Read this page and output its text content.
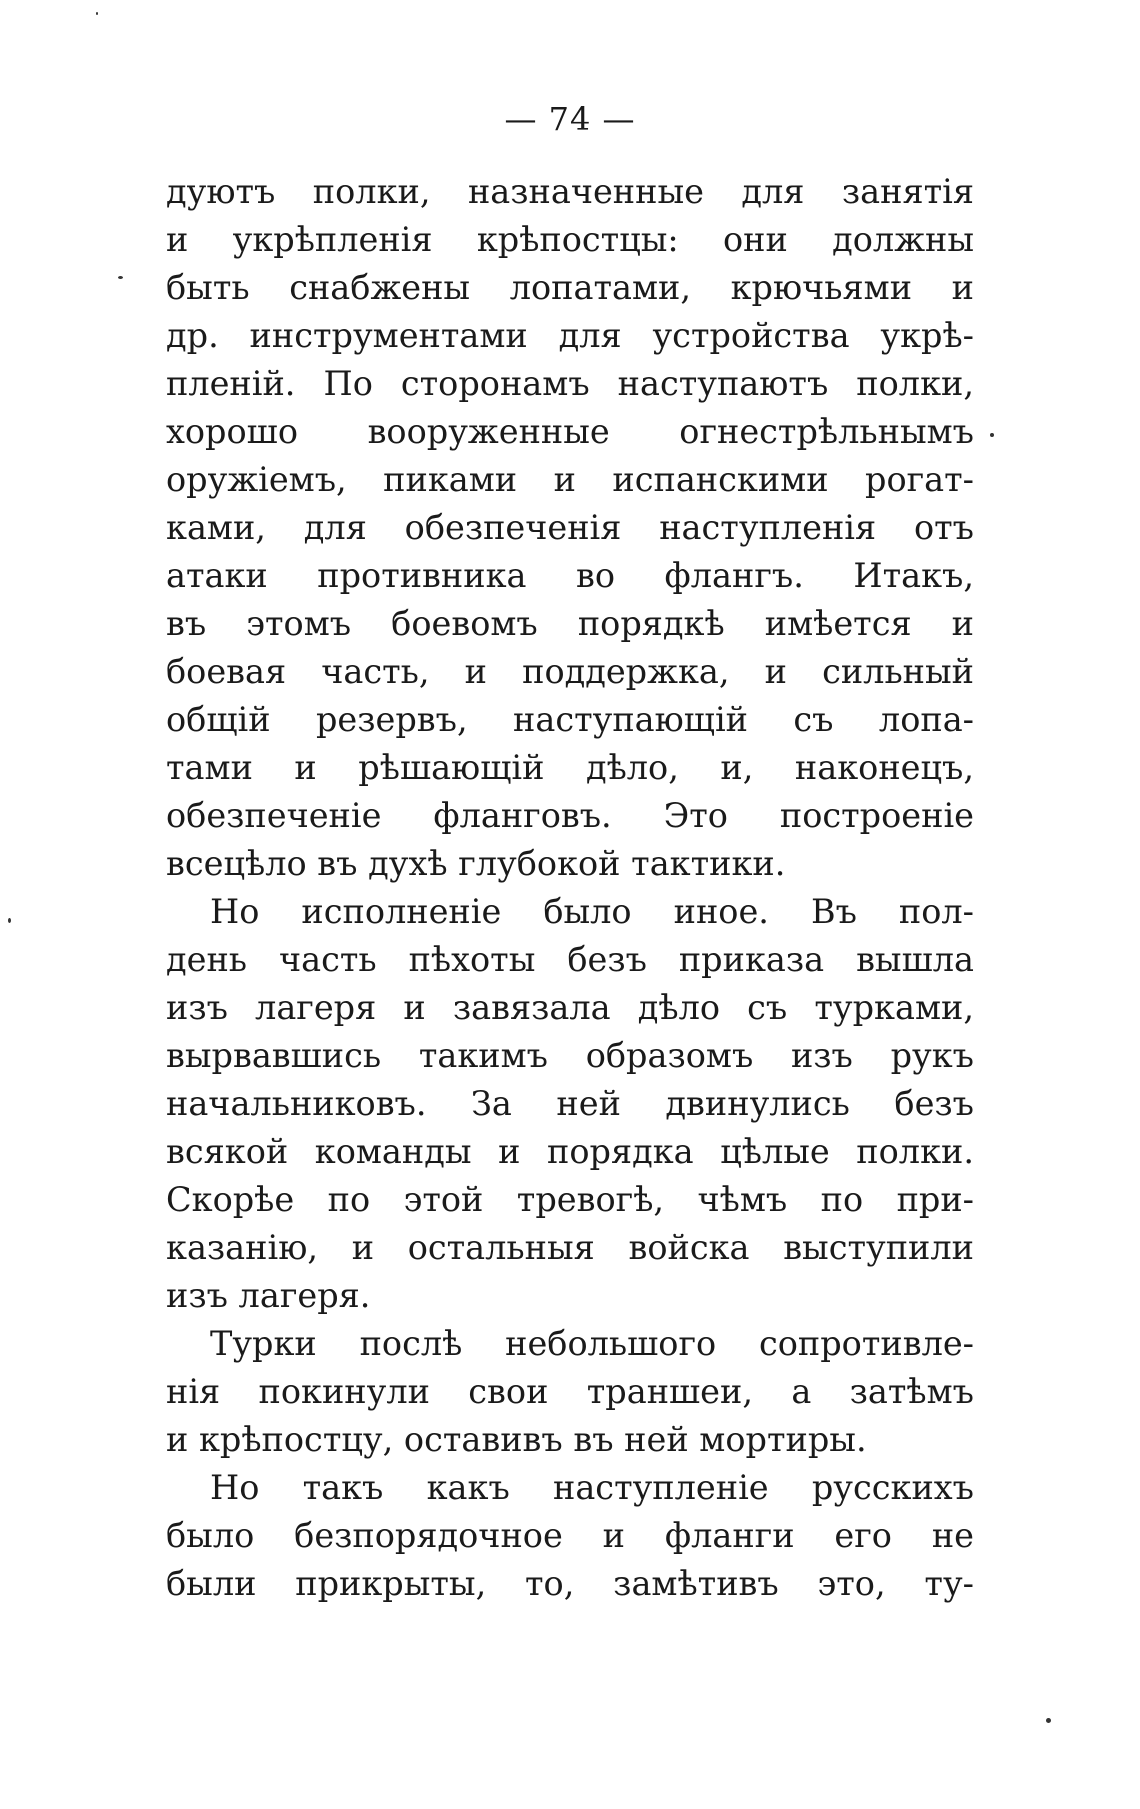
— 74 —
дуютъ полки, назначенные для занятія
и укрѣпленія крѣпостцы: они должны
быть снабжены лопатами, крючьями и
др. инструментами для устройства укрѣ-
пленій. По сторонамъ наступаютъ полки,
хорошо вооруженные огнестрѣльнымъ
оружіемъ, пиками и испанскими рогат-
ками, для обезпеченія наступленія отъ
атаки противника во флангъ. Итакъ,
въ этомъ боевомъ порядкѣ имѣется и
боевая часть, и поддержка, и сильный
общій резервъ, наступающій съ лопа-
тами и рѣшающій дѣло, и, наконецъ,
обезпеченіе фланговъ. Это построеніе
всецѣло въ духѣ глубокой тактики.
Но исполненіе было иное. Въ пол-
день часть пѣхоты безъ приказа вышла
изъ лагеря и завязала дѣло съ турками,
вырвавшись такимъ образомъ изъ рукъ
начальниковъ. За ней двинулись безъ
всякой команды и порядка цѣлые полки.
Скорѣе по этой тревогѣ, чѣмъ по при-
казанію, и остальныя войска выступили
изъ лагеря.
Турки послѣ небольшого сопротивле-
нія покинули свои траншеи, а затѣмъ
и крѣпостцу, оставивъ въ ней мортиры.
Но такъ какъ наступленіе русскихъ
было безпорядочное и фланги его не
были прикрыты, то, замѣтивъ это, ту-
